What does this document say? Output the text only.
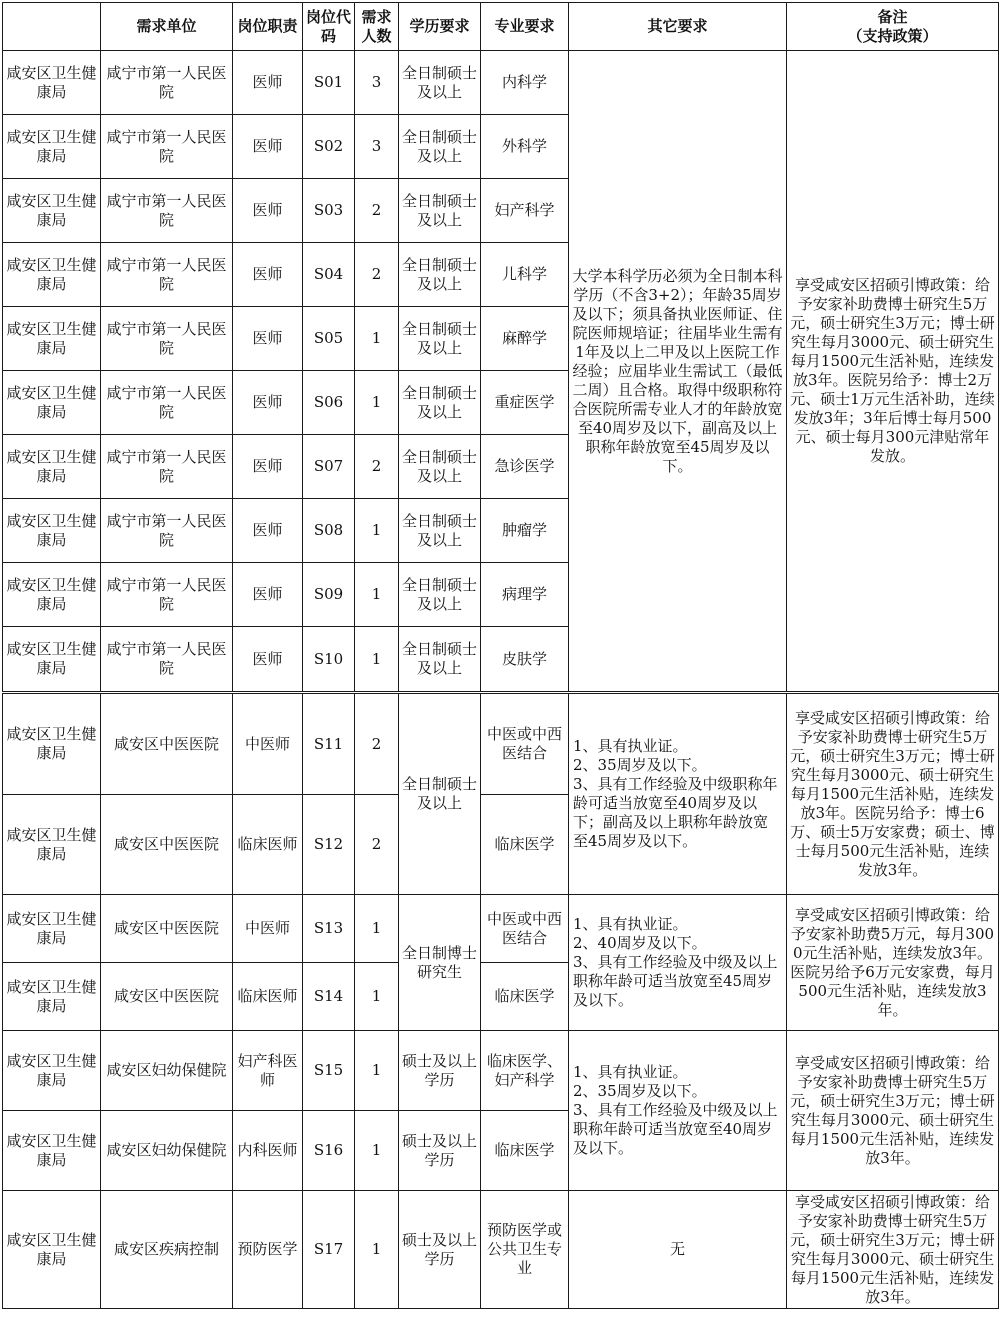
	需求单位	岗位职责	岗位代码	需求人数	学历要求	专业要求	其它要求	备注
（支持政策）
咸安区卫生健康局	咸宁市第一人民医院	医师	S01	3	全日制硕士及以上	内科学	大学本科学历必须为全日制本科学历（不含3+2）；年龄35周岁及以下；须具备执业医师证、住院医师规培证；往届毕业生需有1年及以上二甲及以上医院工作经验；应届毕业生需试工（最低二周）且合格。取得中级职称符合医院所需专业人才的年龄放宽至40周岁及以下，副高及以上职称年龄放宽至45周岁及以下。	享受咸安区招硕引博政策：给予安家补助费博士研究生5万元，硕士研究生3万元；博士研究生每月3000元、硕士研究生每月1500元生活补贴，连续发放3年。医院另给予：博士2万元、硕士1万元生活补助，连续发放3年；3年后博士每月500元、硕士每月300元津贴常年发放。
咸安区卫生健康局	咸宁市第一人民医院	医师	S02	3	全日制硕士及以上	外科学		
咸安区卫生健康局	咸宁市第一人民医院	医师	S03	2	全日制硕士及以上	妇产科学		
咸安区卫生健康局	咸宁市第一人民医院	医师	S04	2	全日制硕士及以上	儿科学		
咸安区卫生健康局	咸宁市第一人民医院	医师	S05	1	全日制硕士及以上	麻醉学		
咸安区卫生健康局	咸宁市第一人民医院	医师	S06	1	全日制硕士及以上	重症医学		
咸安区卫生健康局	咸宁市第一人民医院	医师	S07	2	全日制硕士及以上	急诊医学		
咸安区卫生健康局	咸宁市第一人民医院	医师	S08	1	全日制硕士及以上	肿瘤学		
咸安区卫生健康局	咸宁市第一人民医院	医师	S09	1	全日制硕士及以上	病理学		
咸安区卫生健康局	咸宁市第一人民医院	医师	S10	1	全日制硕士及以上	皮肤学		
咸安区卫生健康局	咸安区中医医院	中医师	S11	2	全日制硕士及以上	中医或中西医结合	1、具有执业证。
2、35周岁及以下。
3、具有工作经验及中级职称年龄可适当放宽至40周岁及以下；副高及以上职称年龄放宽至45周岁及以下。	享受咸安区招硕引博政策：给予安家补助费博士研究生5万元，硕士研究生3万元；博士研究生每月3000元、硕士研究生每月1500元生活补贴，连续发放3年。医院另给予：博士6万、硕士5万安家费；硕士、博士每月500元生活补贴，连续发放3年。
咸安区卫生健康局	咸安区中医医院	临床医师	S12	2		临床医学		
咸安区卫生健康局	咸安区中医医院	中医师	S13	1	全日制博士研究生	中医或中西医结合	1、具有执业证。
2、40周岁及以下。
3、具有工作经验及中级及以上职称年龄可适当放宽至45周岁及以下。	享受咸安区招硕引博政策：给予安家补助费5万元，每月3000元生活补贴，连续发放3年。医院另给予6万元安家费，每月500元生活补贴，连续发放3年。
咸安区卫生健康局	咸安区中医医院	临床医师	S14	1		临床医学		
咸安区卫生健康局	咸安区妇幼保健院	妇产科医师	S15	1	硕士及以上学历	临床医学、妇产科学	1、具有执业证。
2、35周岁及以下。
3、具有工作经验及中级及以上职称年龄可适当放宽至40周岁及以下。	享受咸安区招硕引博政策：给予安家补助费博士研究生5万元，硕士研究生3万元；博士研究生每月3000元、硕士研究生每月1500元生活补贴，连续发放3年。
咸安区卫生健康局	咸安区妇幼保健院	内科医师	S16	1	硕士及以上学历	临床医学		
咸安区卫生健康局	咸安区疾病控制	预防医学	S17	1	硕士及以上学历	预防医学或公共卫生专业	无	享受咸安区招硕引博政策：给予安家补助费博士研究生5万元，硕士研究生3万元；博士研究生每月3000元、硕士研究生每月1500元生活补贴，连续发放3年。
